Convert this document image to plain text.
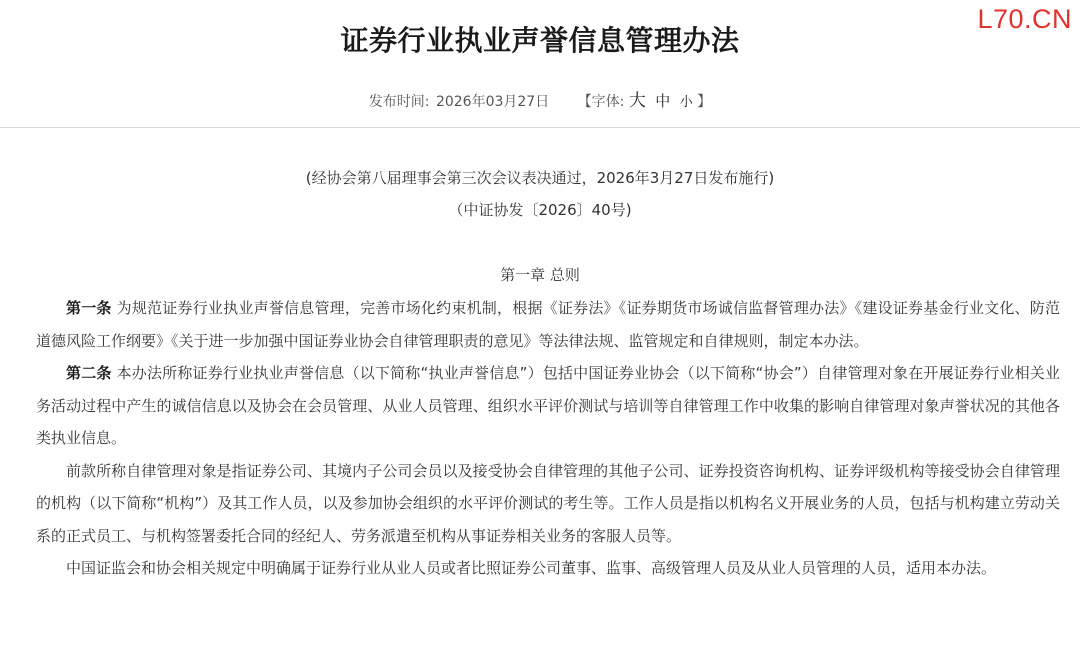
L70.CN
证券行业执业声誉信息管理办法
发布时间: 2026年03月27日 【字体: 大 中 小 】
(经协会第八届理事会第三次会议表决通过，2026年3月27日发布施行)
（中证协发〔2026〕40号)
第一章 总则

第一条 为规范证券行业执业声誉信息管理，完善市场化约束机制，根据《证券法》《证券期货市场诚信监督管理办法》《建设证券基金行业文化、防范道德风险工作纲要》《关于进一步加强中国证券业协会自律管理职责的意见》等法律法规、监管规定和自律规则，制定本办法。

第二条 本办法所称证券行业执业声誉信息（以下简称“执业声誉信息”）包括中国证券业协会（以下简称“协会”）自律管理对象在开展证券行业相关业务活动过程中产生的诚信信息以及协会在会员管理、从业人员管理、组织水平评价测试与培训等自律管理工作中收集的影响自律管理对象声誉状况的其他各类执业信息。

前款所称自律管理对象是指证券公司、其境内子公司会员以及接受协会自律管理的其他子公司、证券投资咨询机构、证券评级机构等接受协会自律管理的机构（以下简称“机构”）及其工作人员，以及参加协会组织的水平评价测试的考生等。工作人员是指以机构名义开展业务的人员，包括与机构建立劳动关系的正式员工、与机构签署委托合同的经纪人、劳务派遣至机构从事证券相关业务的客服人员等。

中国证监会和协会相关规定中明确属于证券行业从业人员或者比照证券公司董事、监事、高级管理人员及从业人员管理的人员，适用本办法。
